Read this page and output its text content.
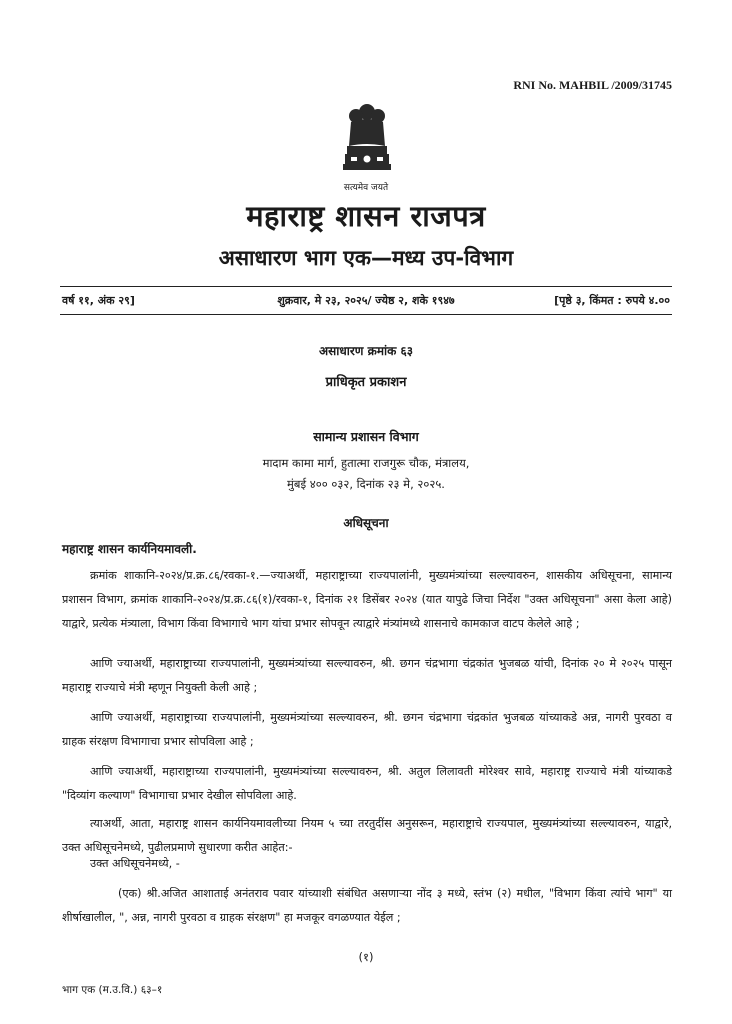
RNI No. MAHBIL /2009/31745
सत्यमेव जयते
महाराष्ट्र शासन राजपत्र
असाधारण भाग एक—मध्य उप-विभाग
वर्ष ११, अंक २९]	शुक्रवार, मे २३, २०२५/ ज्येष्ठ २, शके १९४७	[पृष्ठे ३, किंमत : रुपये ४.००
असाधारण क्रमांक ६३
प्राधिकृत प्रकाशन
सामान्य प्रशासन विभाग
मादाम कामा मार्ग, हुतात्मा राजगुरू चौक, मंत्रालय,
मुंबई ४०० ०३२, दिनांक २३ मे, २०२५.
अधिसूचना
महाराष्ट्र शासन कार्यनियमावली.
क्रमांक शाकानि-२०२४/प्र.क्र.८६/रवका-१.—ज्याअर्थी, महाराष्ट्राच्या राज्यपालांनी, मुख्यमंत्र्यांच्या सल्ल्यावरुन, शासकीय अधिसूचना, सामान्य प्रशासन विभाग, क्रमांक शाकानि-२०२४/प्र.क्र.८६(१)/रवका-१, दिनांक २१ डिसेंबर २०२४ (यात यापुढे जिचा निर्देश "उक्त अधिसूचना" असा केला आहे) याद्वारे, प्रत्येक मंत्र्याला, विभाग किंवा विभागाचे भाग यांचा प्रभार सोपवून त्याद्वारे मंत्र्यांमध्ये शासनाचे कामकाज वाटप केलेले आहे ;
आणि ज्याअर्थी, महाराष्ट्राच्या राज्यपालांनी, मुख्यमंत्र्यांच्या सल्ल्यावरुन, श्री. छगन चंद्रभागा चंद्रकांत भुजबळ यांची, दिनांक २० मे २०२५ पासून महाराष्ट्र राज्याचे मंत्री म्हणून नियुक्ती केली आहे ;
आणि ज्याअर्थी, महाराष्ट्राच्या राज्यपालांनी, मुख्यमंत्र्यांच्या सल्ल्यावरुन, श्री. छगन चंद्रभागा चंद्रकांत भुजबळ यांच्याकडे अन्न, नागरी पुरवठा व ग्राहक संरक्षण विभागाचा प्रभार सोपविला आहे ;
आणि ज्याअर्थी, महाराष्ट्राच्या राज्यपालांनी, मुख्यमंत्र्यांच्या सल्ल्यावरुन, श्री. अतुल लिलावती मोरेश्वर सावे, महाराष्ट्र राज्याचे मंत्री यांच्याकडे "दिव्यांग कल्याण" विभागाचा प्रभार देखील सोपविला आहे.
त्याअर्थी, आता, महाराष्ट्र शासन कार्यनियमावलीच्या नियम ५ च्या तरतुदींस अनुसरून, महाराष्ट्राचे राज्यपाल, मुख्यमंत्र्यांच्या सल्ल्यावरुन, याद्वारे, उक्त अधिसूचनेमध्ये, पुढीलप्रमाणे सुधारणा करीत आहेत:-
उक्त अधिसूचनेमध्ये, -
(एक) श्री.अजित आशाताई अनंतराव पवार यांच्याशी संबंधित असणाऱ्या नोंद ३ मध्ये, स्तंभ (२) मधील, "विभाग किंवा त्यांचे भाग" या शीर्षाखालील, ", अन्न, नागरी पुरवठा व ग्राहक संरक्षण" हा मजकूर वगळण्यात येईल ;
(१)
भाग एक (म.उ.वि.) ६३–१
